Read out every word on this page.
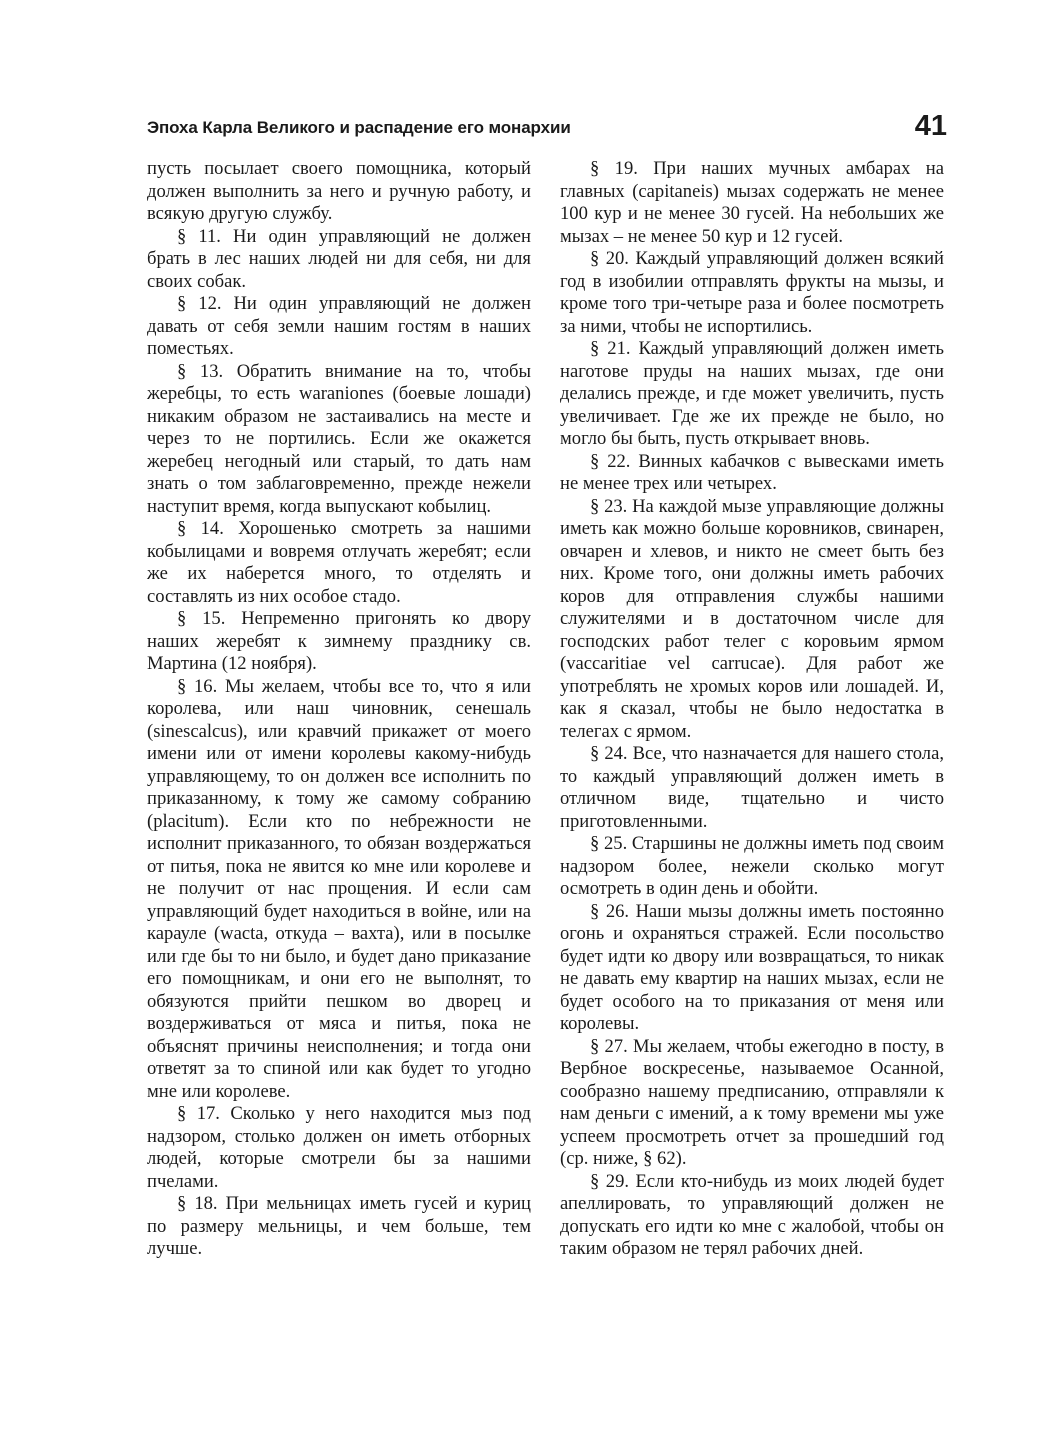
Эпоха Карла Великого и распадение его монархии	41

пусть посылает своего помощника, который должен выполнить за него и ручную работу, и всякую другую службу.

§ 11. Ни один управляющий не должен брать в лес наших людей ни для себя, ни для своих собак.

§ 12. Ни один управляющий не должен давать от себя земли нашим гостям в наших поместьях.

§ 13. Обратить внимание на то, чтобы жеребцы, то есть waraniones (боевые лошади) никаким образом не застаивались на месте и через то не портились. Если же окажется жеребец негодный или старый, то дать нам знать о том заблаговременно, прежде нежели наступит время, когда выпускают кобылиц.

§ 14. Хорошенько смотреть за нашими кобылицами и вовремя отлучать жеребят; если же их наберется много, то отделять и составлять из них особое стадо.

§ 15. Непременно пригонять ко двору наших жеребят к зимнему празднику св. Мартина (12 ноября).

§ 16. Мы желаем, чтобы все то, что я или королева, или наш чиновник, сенешаль (sinescalcus), или кравчий прикажет от моего имени или от имени королевы какому-нибудь управляющему, то он должен все исполнить по приказанному, к тому же самому собранию (placitum). Если кто по небрежности не исполнит приказанного, то обязан воздержаться от питья, пока не явится ко мне или королеве и не получит от нас прощения. И если сам управляющий будет находиться в войне, или на карауле (wacta, откуда – вахта), или в посылке или где бы то ни было, и будет дано приказание его помощникам, и они его не выполнят, то обязуются прийти пешком во дворец и воздерживаться от мяса и питья, пока не объяснят причины неисполнения; и тогда они ответят за то спиной или как будет то угодно мне или королеве.

§ 17. Сколько у него находится мыз под надзором, столько должен он иметь отборных людей, которые смотрели бы за нашими пчелами.

§ 18. При мельницах иметь гусей и куриц по размеру мельницы, и чем больше, тем лучше.

§ 19. При наших мучных амбарах на главных (capitaneis) мызах содержать не менее 100 кур и не менее 30 гусей. На небольших же мызах – не менее 50 кур и 12 гусей.

§ 20. Каждый управляющий должен всякий год в изобилии отправлять фрукты на мызы, и кроме того три-четыре раза и более посмотреть за ними, чтобы не испортились.

§ 21. Каждый управляющий должен иметь наготове пруды на наших мызах, где они делались прежде, и где может увеличить, пусть увеличивает. Где же их прежде не было, но могло бы быть, пусть открывает вновь.

§ 22. Винных кабачков с вывесками иметь не менее трех или четырех.

§ 23. На каждой мызе управляющие должны иметь как можно больше коровников, свинарен, овчарен и хлевов, и никто не смеет быть без них. Кроме того, они должны иметь рабочих коров для отправления службы нашими служителями и в достаточном числе для господских работ телег с коровьим ярмом (vaccaritiae vel carrucae). Для работ же употреблять не хромых коров или лошадей. И, как я сказал, чтобы не было недостатка в телегах с ярмом.

§ 24. Все, что назначается для нашего стола, то каждый управляющий должен иметь в отличном виде, тщательно и чисто приготовленными.

§ 25. Старшины не должны иметь под своим надзором более, нежели сколько могут осмотреть в один день и обойти.

§ 26. Наши мызы должны иметь постоянно огонь и охраняться стражей. Если посольство будет идти ко двору или возвращаться, то никак не давать ему квартир на наших мызах, если не будет особого на то приказания от меня или королевы.

§ 27. Мы желаем, чтобы ежегодно в посту, в Вербное воскресенье, называемое Осанной, сообразно нашему предписанию, отправляли к нам деньги с имений, а к тому времени мы уже успеем просмотреть отчет за прошедший год (ср. ниже, § 62).

§ 29. Если кто-нибудь из моих людей будет апеллировать, то управляющий должен не допускать его идти ко мне с жалобой, чтобы он таким образом не терял рабочих дней.
